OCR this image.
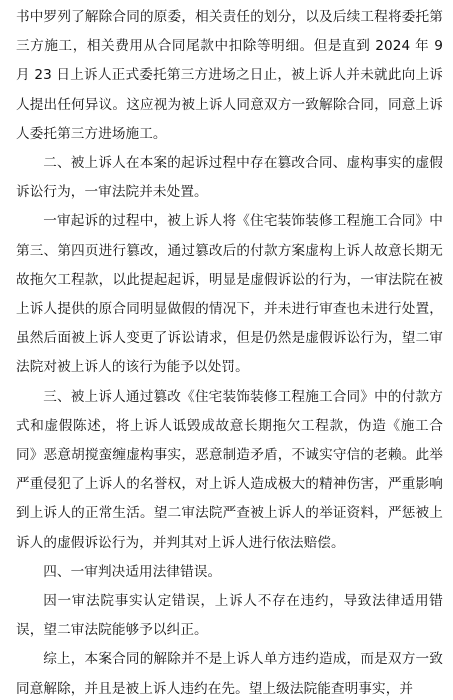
书中罗列了解除合同的原委，相关责任的划分，以及后续工程将委托第三方施工，相关费用从合同尾款中扣除等明细。但是直到 2024 年 9 月 23 日上诉人正式委托第三方进场之日止，被上诉人并未就此向上诉人提出任何异议。这应视为被上诉人同意双方一致解除合同，同意上诉人委托第三方进场施工。

二、被上诉人在本案的起诉过程中存在篡改合同、虚构事实的虚假诉讼行为，一审法院并未处置。

一审起诉的过程中，被上诉人将《住宅装饰装修工程施工合同》中第三、第四页进行篡改，通过篡改后的付款方案虚构上诉人故意长期无故拖欠工程款，以此提起起诉，明显是虚假诉讼的行为，一审法院在被上诉人提供的原合同明显做假的情况下，并未进行审查也未进行处置，虽然后面被上诉人变更了诉讼请求，但是仍然是虚假诉讼行为，望二审法院对被上诉人的该行为能予以处罚。

三、被上诉人通过篡改《住宅装饰装修工程施工合同》中的付款方式和虚假陈述，将上诉人诋毁成故意长期拖欠工程款，伪造《施工合同》恶意胡搅蛮缠虚构事实，恶意制造矛盾，不诚实守信的老赖。此举严重侵犯了上诉人的名誉权，对上诉人造成极大的精神伤害，严重影响到上诉人的正常生活。望二审法院严查被上诉人的举证资料，严惩被上诉人的虚假诉讼行为，并判其对上诉人进行依法赔偿。

四、一审判决适用法律错误。

因一审法院事实认定错误，上诉人不存在违约，导致法律适用错误，望二审法院能够予以纠正。

综上，本案合同的解除并不是上诉人单方违约造成，而是双方一致同意解除，并且是被上诉人违约在先。望上级法院能查明事实，并
